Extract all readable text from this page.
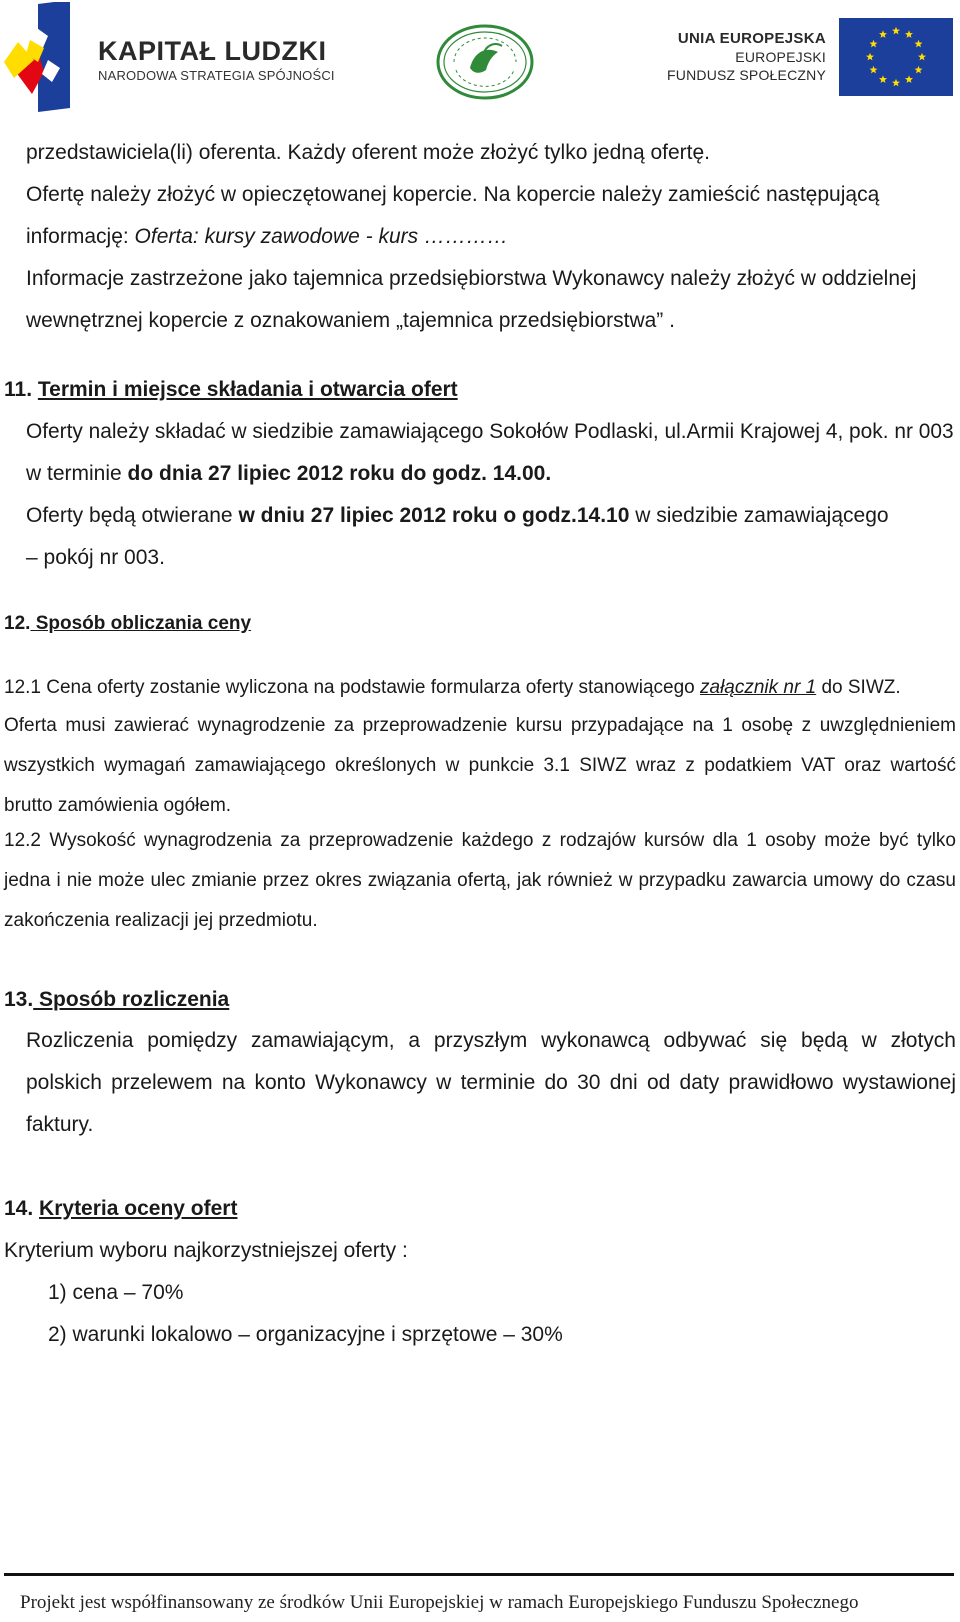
KAPITAŁ LUDZKI
NARODOWA STRATEGIA SPÓJNOŚCI
UNIA EUROPEJSKA
EUROPEJSKI
FUNDUSZ SPOŁECZNY
przedstawiciela(li) oferenta. Każdy oferent może złożyć tylko jedną ofertę.
Ofertę należy złożyć w opieczętowanej kopercie. Na kopercie należy zamieścić następującą
informację: Oferta: kursy zawodowe - kurs …………
Informacje zastrzeżone jako tajemnica przedsiębiorstwa Wykonawcy należy złożyć w oddzielnej
wewnętrznej kopercie z oznakowaniem „tajemnica przedsiębiorstwa” .
11. Termin i miejsce składania i otwarcia ofert
Oferty należy składać w siedzibie zamawiającego Sokołów Podlaski, ul.Armii Krajowej 4, pok. nr 003
w terminie do dnia 27 lipiec 2012 roku do godz. 14.00.
Oferty będą otwierane w dniu 27 lipiec 2012 roku o godz.14.10 w siedzibie zamawiającego
– pokój nr 003.
12. Sposób obliczania ceny
12.1 Cena oferty zostanie wyliczona na podstawie formularza oferty stanowiącego załącznik nr 1 do SIWZ.
Oferta musi zawierać wynagrodzenie za przeprowadzenie kursu przypadające na 1 osobę z uwzględnieniem wszystkich wymagań zamawiającego określonych w punkcie 3.1 SIWZ wraz z podatkiem VAT oraz wartość brutto zamówienia ogółem.
12.2 Wysokość wynagrodzenia za przeprowadzenie każdego z rodzajów kursów dla 1 osoby może być tylko jedna i nie może ulec zmianie przez okres związania ofertą, jak również w przypadku zawarcia umowy do czasu zakończenia realizacji jej przedmiotu.
13. Sposób rozliczenia
Rozliczenia pomiędzy zamawiającym, a przyszłym wykonawcą odbywać się będą w złotych polskich przelewem na konto Wykonawcy w terminie do 30 dni od daty prawidłowo wystawionej faktury.
14. Kryteria oceny ofert
Kryterium wyboru najkorzystniejszej oferty :
1) cena – 70%
2) warunki lokalowo – organizacyjne i sprzętowe – 30%
Projekt jest współfinansowany ze środków Unii Europejskiej w ramach Europejskiego Funduszu Społecznego
